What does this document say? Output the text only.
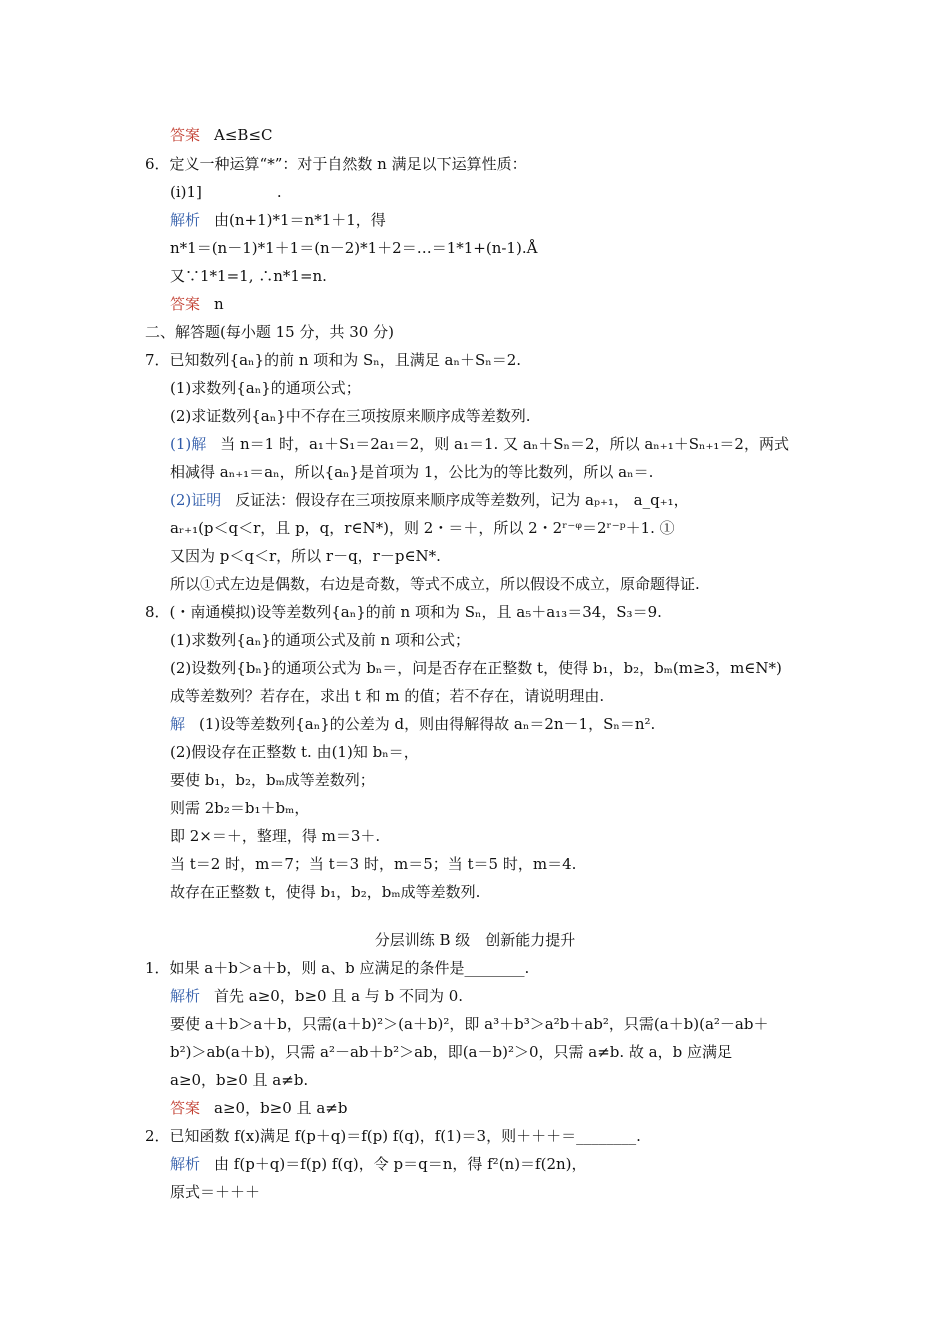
答案 A≤B≤C
6．定义一种运算“*”：对于自然数 n 满足以下运算性质：
(ⅰ)1]　　　　　.
解析 由(n+1)*1＝n*1＋1，得
n*1＝(n－1)*1＋1＝(n－2)*1＋2＝…＝1*1+(n-1).Å
又∵1*1=1, ∴n*1=n.
答案 n
二、解答题(每小题 15 分，共 30 分)
7．已知数列{aₙ}的前 n 项和为 Sₙ，且满足 aₙ＋Sₙ＝2.
(1)求数列{aₙ}的通项公式；
(2)求证数列{aₙ}中不存在三项按原来顺序成等差数列.
(1)解 当 n＝1 时，a₁＋S₁＝2a₁＝2，则 a₁＝1. 又 aₙ＋Sₙ＝2，所以 aₙ₊₁＋Sₙ₊₁＝2，两式
相减得 aₙ₊₁＝aₙ，所以{aₙ}是首项为 1，公比为的等比数列，所以 aₙ＝.
(2)证明 反证法：假设存在三项按原来顺序成等差数列，记为 aₚ₊₁， a_q₊₁，
aᵣ₊₁(p＜q＜r，且 p，q，r∈N*)，则 2・＝＋，所以 2・2ʳ⁻ᵠ＝2ʳ⁻ᵖ＋1. ①
又因为 p＜q＜r，所以 r－q，r－p∈N*.
所以①式左边是偶数，右边是奇数，等式不成立，所以假设不成立，原命题得证.
8．(・南通模拟)设等差数列{aₙ}的前 n 项和为 Sₙ，且 a₅＋a₁₃＝34，S₃＝9.
(1)求数列{aₙ}的通项公式及前 n 项和公式；
(2)设数列{bₙ}的通项公式为 bₙ＝，问是否存在正整数 t，使得 b₁，b₂，bₘ(m≥3，m∈N*)
成等差数列？若存在，求出 t 和 m 的值；若不存在，请说明理由.
解 (1)设等差数列{aₙ}的公差为 d，则由得解得故 aₙ＝2n－1，Sₙ＝n².
(2)假设存在正整数 t. 由(1)知 bₙ＝，
要使 b₁，b₂，bₘ成等差数列；
则需 2b₂＝b₁＋bₘ，
即 2×＝＋，整理，得 m＝3＋.
当 t＝2 时，m＝7；当 t＝3 时，m＝5；当 t＝5 时，m＝4.
故存在正整数 t，使得 b₁，b₂，bₘ成等差数列.
分层训练 B 级　创新能力提升
1．如果 a＋b＞a＋b，则 a、b 应满足的条件是________.
解析 首先 a≥0，b≥0 且 a 与 b 不同为 0.
要使 a＋b＞a＋b，只需(a＋b)²＞(a＋b)²，即 a³＋b³＞a²b＋ab²，只需(a＋b)(a²－ab＋
b²)＞ab(a＋b)，只需 a²－ab＋b²＞ab，即(a－b)²＞0，只需 a≠b. 故 a，b 应满足
a≥0，b≥0 且 a≠b.
答案 a≥0，b≥0 且 a≠b
2．已知函数 f(x)满足 f(p＋q)＝f(p) f(q)，f(1)＝3，则＋＋＋＝________.
解析 由 f(p＋q)＝f(p) f(q)，令 p＝q＝n，得 f²(n)＝f(2n)，
原式＝＋＋＋
